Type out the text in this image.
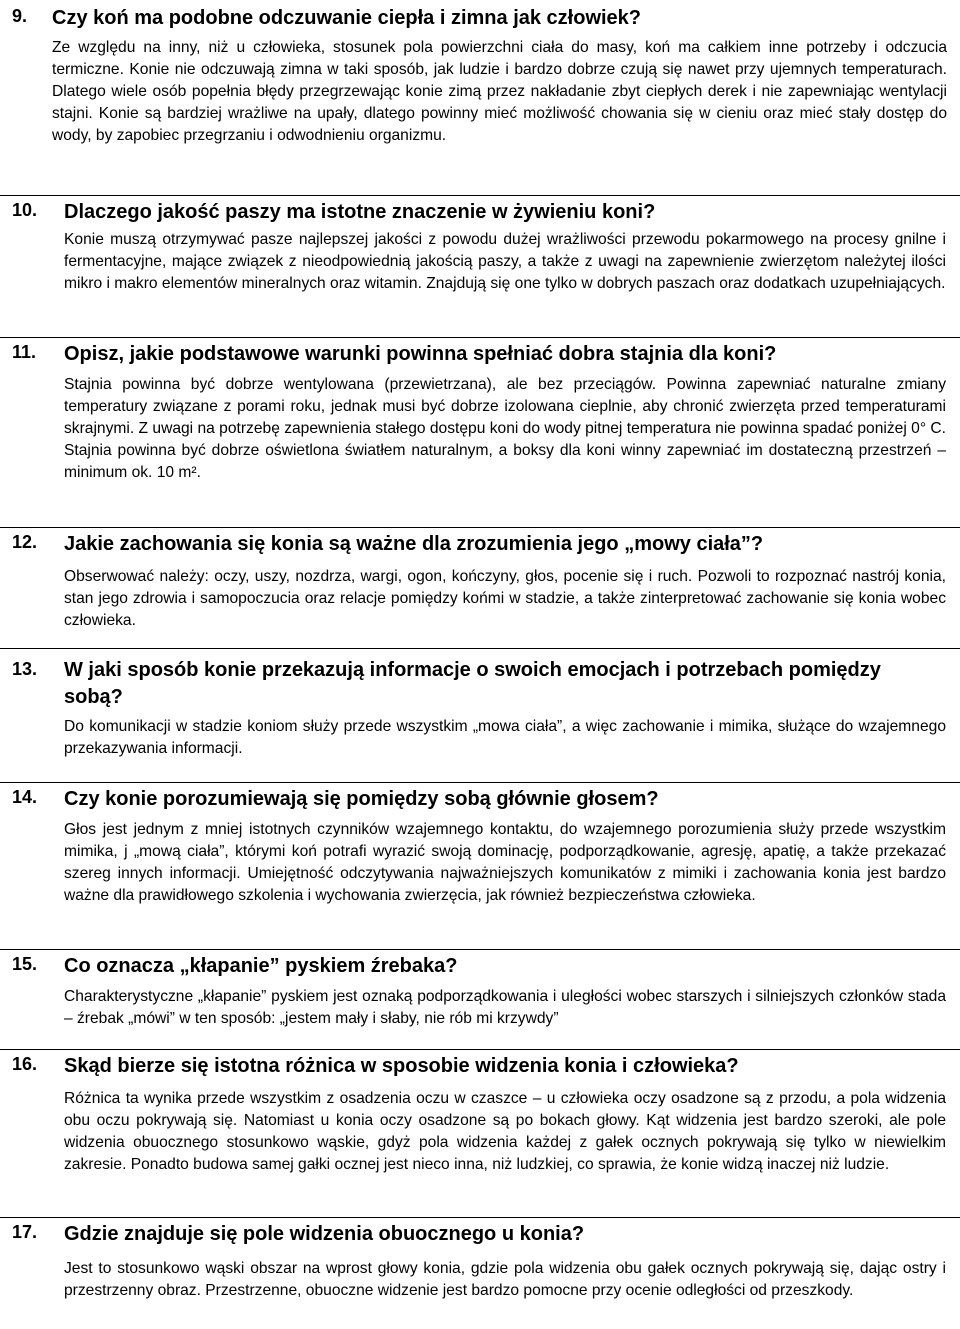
9. Czy koń ma podobne odczuwanie ciepła i zimna jak człowiek?

Ze względu na inny, niż u człowieka, stosunek pola powierzchni ciała do masy, koń ma całkiem inne potrzeby i odczucia termiczne. Konie nie odczuwają zimna w taki sposób, jak ludzie i bardzo dobrze czują się nawet przy ujemnych temperaturach. Dlatego wiele osób popełnia błędy przegrzewając konie zimą przez nakładanie zbyt ciepłych derek i nie zapewniając wentylacji stajni. Konie są bardziej wrażliwe na upały, dlatego powinny mieć możliwość chowania się w cieniu oraz mieć stały dostęp do wody, by zapobiec przegrzaniu i odwodnieniu organizmu.

10. Dlaczego jakość paszy ma istotne znaczenie w żywieniu koni?

Konie muszą otrzymywać pasze najlepszej jakości z powodu dużej wrażliwości przewodu pokarmowego na procesy gnilne i fermentacyjne, mające związek z nieodpowiednią jakością paszy, a także z uwagi na zapewnienie zwierzętom należytej ilości mikro i makro elementów mineralnych oraz witamin. Znajdują się one tylko w dobrych paszach oraz dodatkach uzupełniających.

11. Opisz, jakie podstawowe warunki powinna spełniać dobra stajnia dla koni?

Stajnia powinna być dobrze wentylowana (przewietrzana), ale bez przeciągów. Powinna zapewniać naturalne zmiany temperatury związane z porami roku, jednak musi być dobrze izolowana cieplnie, aby chronić zwierzęta przed temperaturami skrajnymi. Z uwagi na potrzebę zapewnienia stałego dostępu koni do wody pitnej temperatura nie powinna spadać poniżej 0° C. Stajnia powinna być dobrze oświetlona światłem naturalnym, a boksy dla koni winny zapewniać im dostateczną przestrzeń – minimum ok. 10 m².

12. Jakie zachowania się konia są ważne dla zrozumienia jego „mowy ciała”?

Obserwować należy: oczy, uszy, nozdrza, wargi, ogon, kończyny, głos, pocenie się i ruch. Pozwoli to rozpoznać nastrój konia, stan jego zdrowia i samopoczucia oraz relacje pomiędzy końmi w stadzie, a także zinterpretować zachowanie się konia wobec człowieka.

13. W jaki sposób konie przekazują informacje o swoich emocjach i potrzebach pomiędzy sobą?

Do komunikacji w stadzie koniom służy przede wszystkim „mowa ciała”, a więc zachowanie i mimika, służące do wzajemnego przekazywania informacji.

14. Czy konie porozumiewają się pomiędzy sobą głównie głosem?

Głos jest jednym z mniej istotnych czynników wzajemnego kontaktu, do wzajemnego porozumienia służy przede wszystkim mimika, j „mową ciała”, którymi koń potrafi wyrazić swoją dominację, podporządkowanie, agresję, apatię, a także przekazać szereg innych informacji. Umiejętność odczytywania najważniejszych komunikatów z mimiki i zachowania konia jest bardzo ważne dla prawidłowego szkolenia i wychowania zwierzęcia, jak również bezpieczeństwa człowieka.

15. Co oznacza „kłapanie” pyskiem źrebaka?

Charakterystyczne „kłapanie” pyskiem jest oznaką podporządkowania i uległości wobec starszych i silniejszych członków stada – źrebak „mówi” w ten sposób: „jestem mały i słaby, nie rób mi krzywdy”

16. Skąd bierze się istotna różnica w sposobie widzenia konia i człowieka?

Różnica ta wynika przede wszystkim z osadzenia oczu w czaszce – u człowieka oczy osadzone są z przodu, a pola widzenia obu oczu pokrywają się. Natomiast u konia oczy osadzone są po bokach głowy. Kąt widzenia jest bardzo szeroki, ale pole widzenia obuocznego stosunkowo wąskie, gdyż pola widzenia każdej z gałek ocznych pokrywają się tylko w niewielkim zakresie. Ponadto budowa samej gałki ocznej jest nieco inna, niż ludzkiej, co sprawia, że konie widzą inaczej niż ludzie.

17. Gdzie znajduje się pole widzenia obuocznego u konia?

Jest to stosunkowo wąski obszar na wprost głowy konia, gdzie pola widzenia obu gałek ocznych pokrywają się, dając ostry i przestrzenny obraz. Przestrzenne, obuoczne widzenie jest bardzo pomocne przy ocenie odległości od przeszkody.
